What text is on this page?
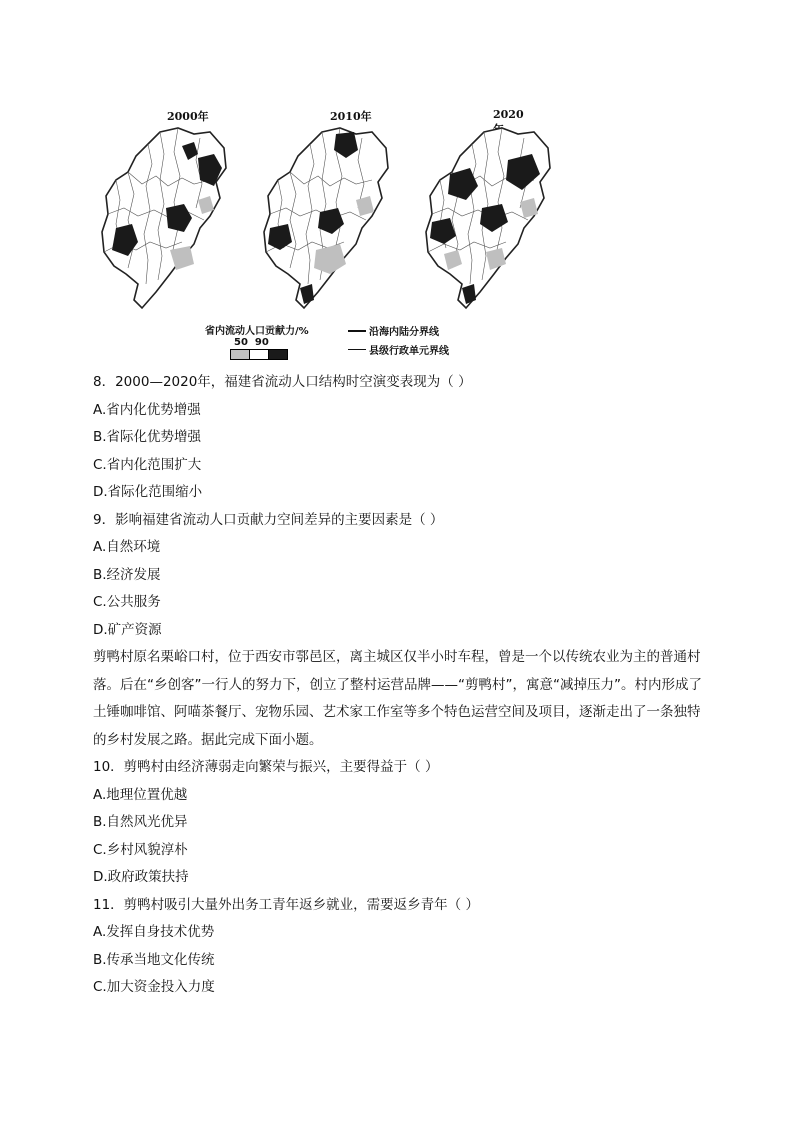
2000年	2010年	2020
省内流动人口贡献力/%
50  90
沿海内陆分界线
县级行政单元界线
8．2000—2020年，福建省流动人口结构时空演变表现为（ ）
A.省内化优势增强
B.省际化优势增强
C.省内化范围扩大
D.省际化范围缩小
9．影响福建省流动人口贡献力空间差异的主要因素是（ ）
A.自然环境
B.经济发展
C.公共服务
D.矿产资源
剪鸭村原名栗峪口村，位于西安市鄠邑区，离主城区仅半小时车程，曾是一个以传统农业为主的普通村落。后在“乡创客”一行人的努力下，创立了整村运营品牌——“剪鸭村”，寓意“减掉压力”。村内形成了土锤咖啡馆、阿喵茶餐厅、宠物乐园、艺术家工作室等多个特色运营空间及项目，逐渐走出了一条独特的乡村发展之路。据此完成下面小题。
10．剪鸭村由经济薄弱走向繁荣与振兴，主要得益于（ ）
A.地理位置优越
B.自然风光优异
C.乡村风貌淳朴
D.政府政策扶持
11．剪鸭村吸引大量外出务工青年返乡就业，需要返乡青年（ ）
A.发挥自身技术优势
B.传承当地文化传统
C.加大资金投入力度
